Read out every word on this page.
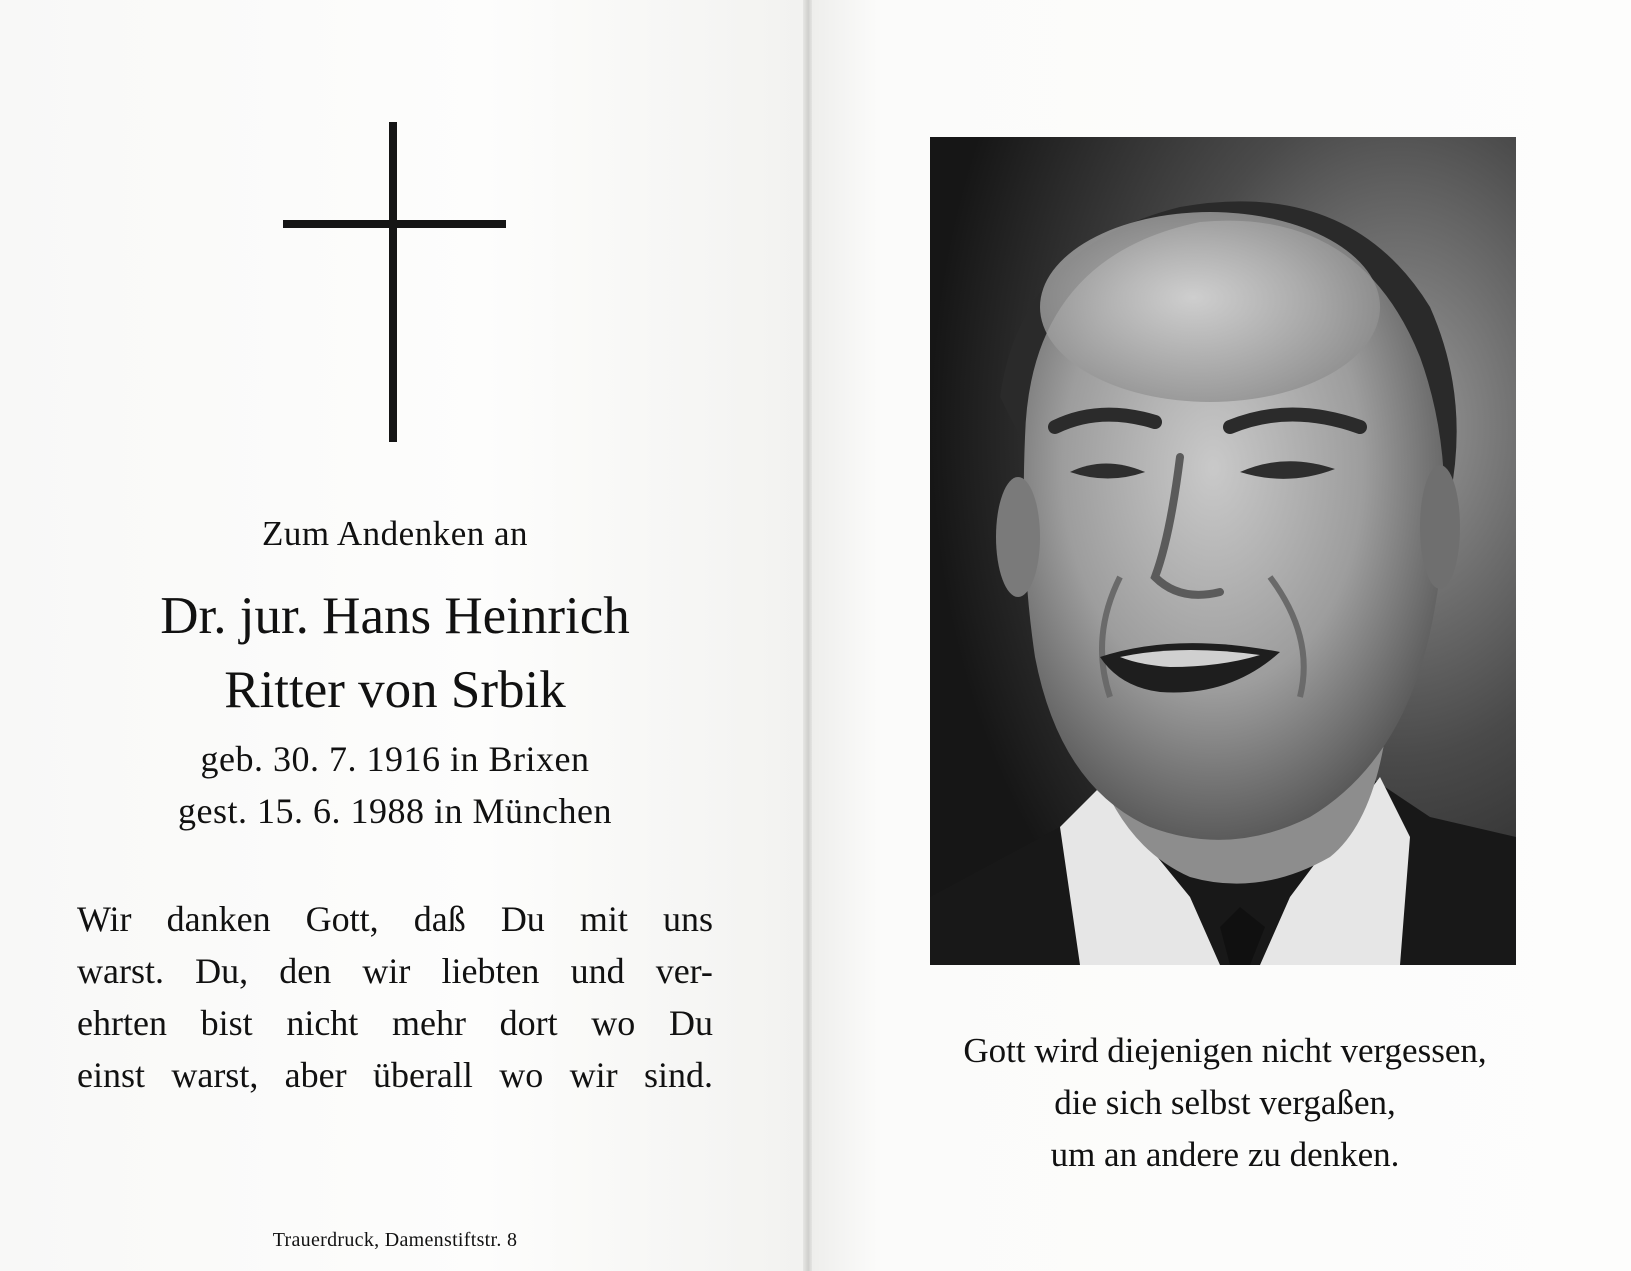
Zum Andenken an
Dr. jur. Hans Heinrich
Ritter von Srbik
geb. 30. 7. 1916 in Brixen
gest. 15. 6. 1988 in München
Wir danken Gott, daß Du mit uns
warst. Du, den wir liebten und ver-
ehrten bist nicht mehr dort wo Du
einst warst, aber überall wo wir sind.
Trauerdruck, Damenstiftstr. 8
Gott wird diejenigen nicht vergessen,
die sich selbst vergaßen,
um an andere zu denken.
